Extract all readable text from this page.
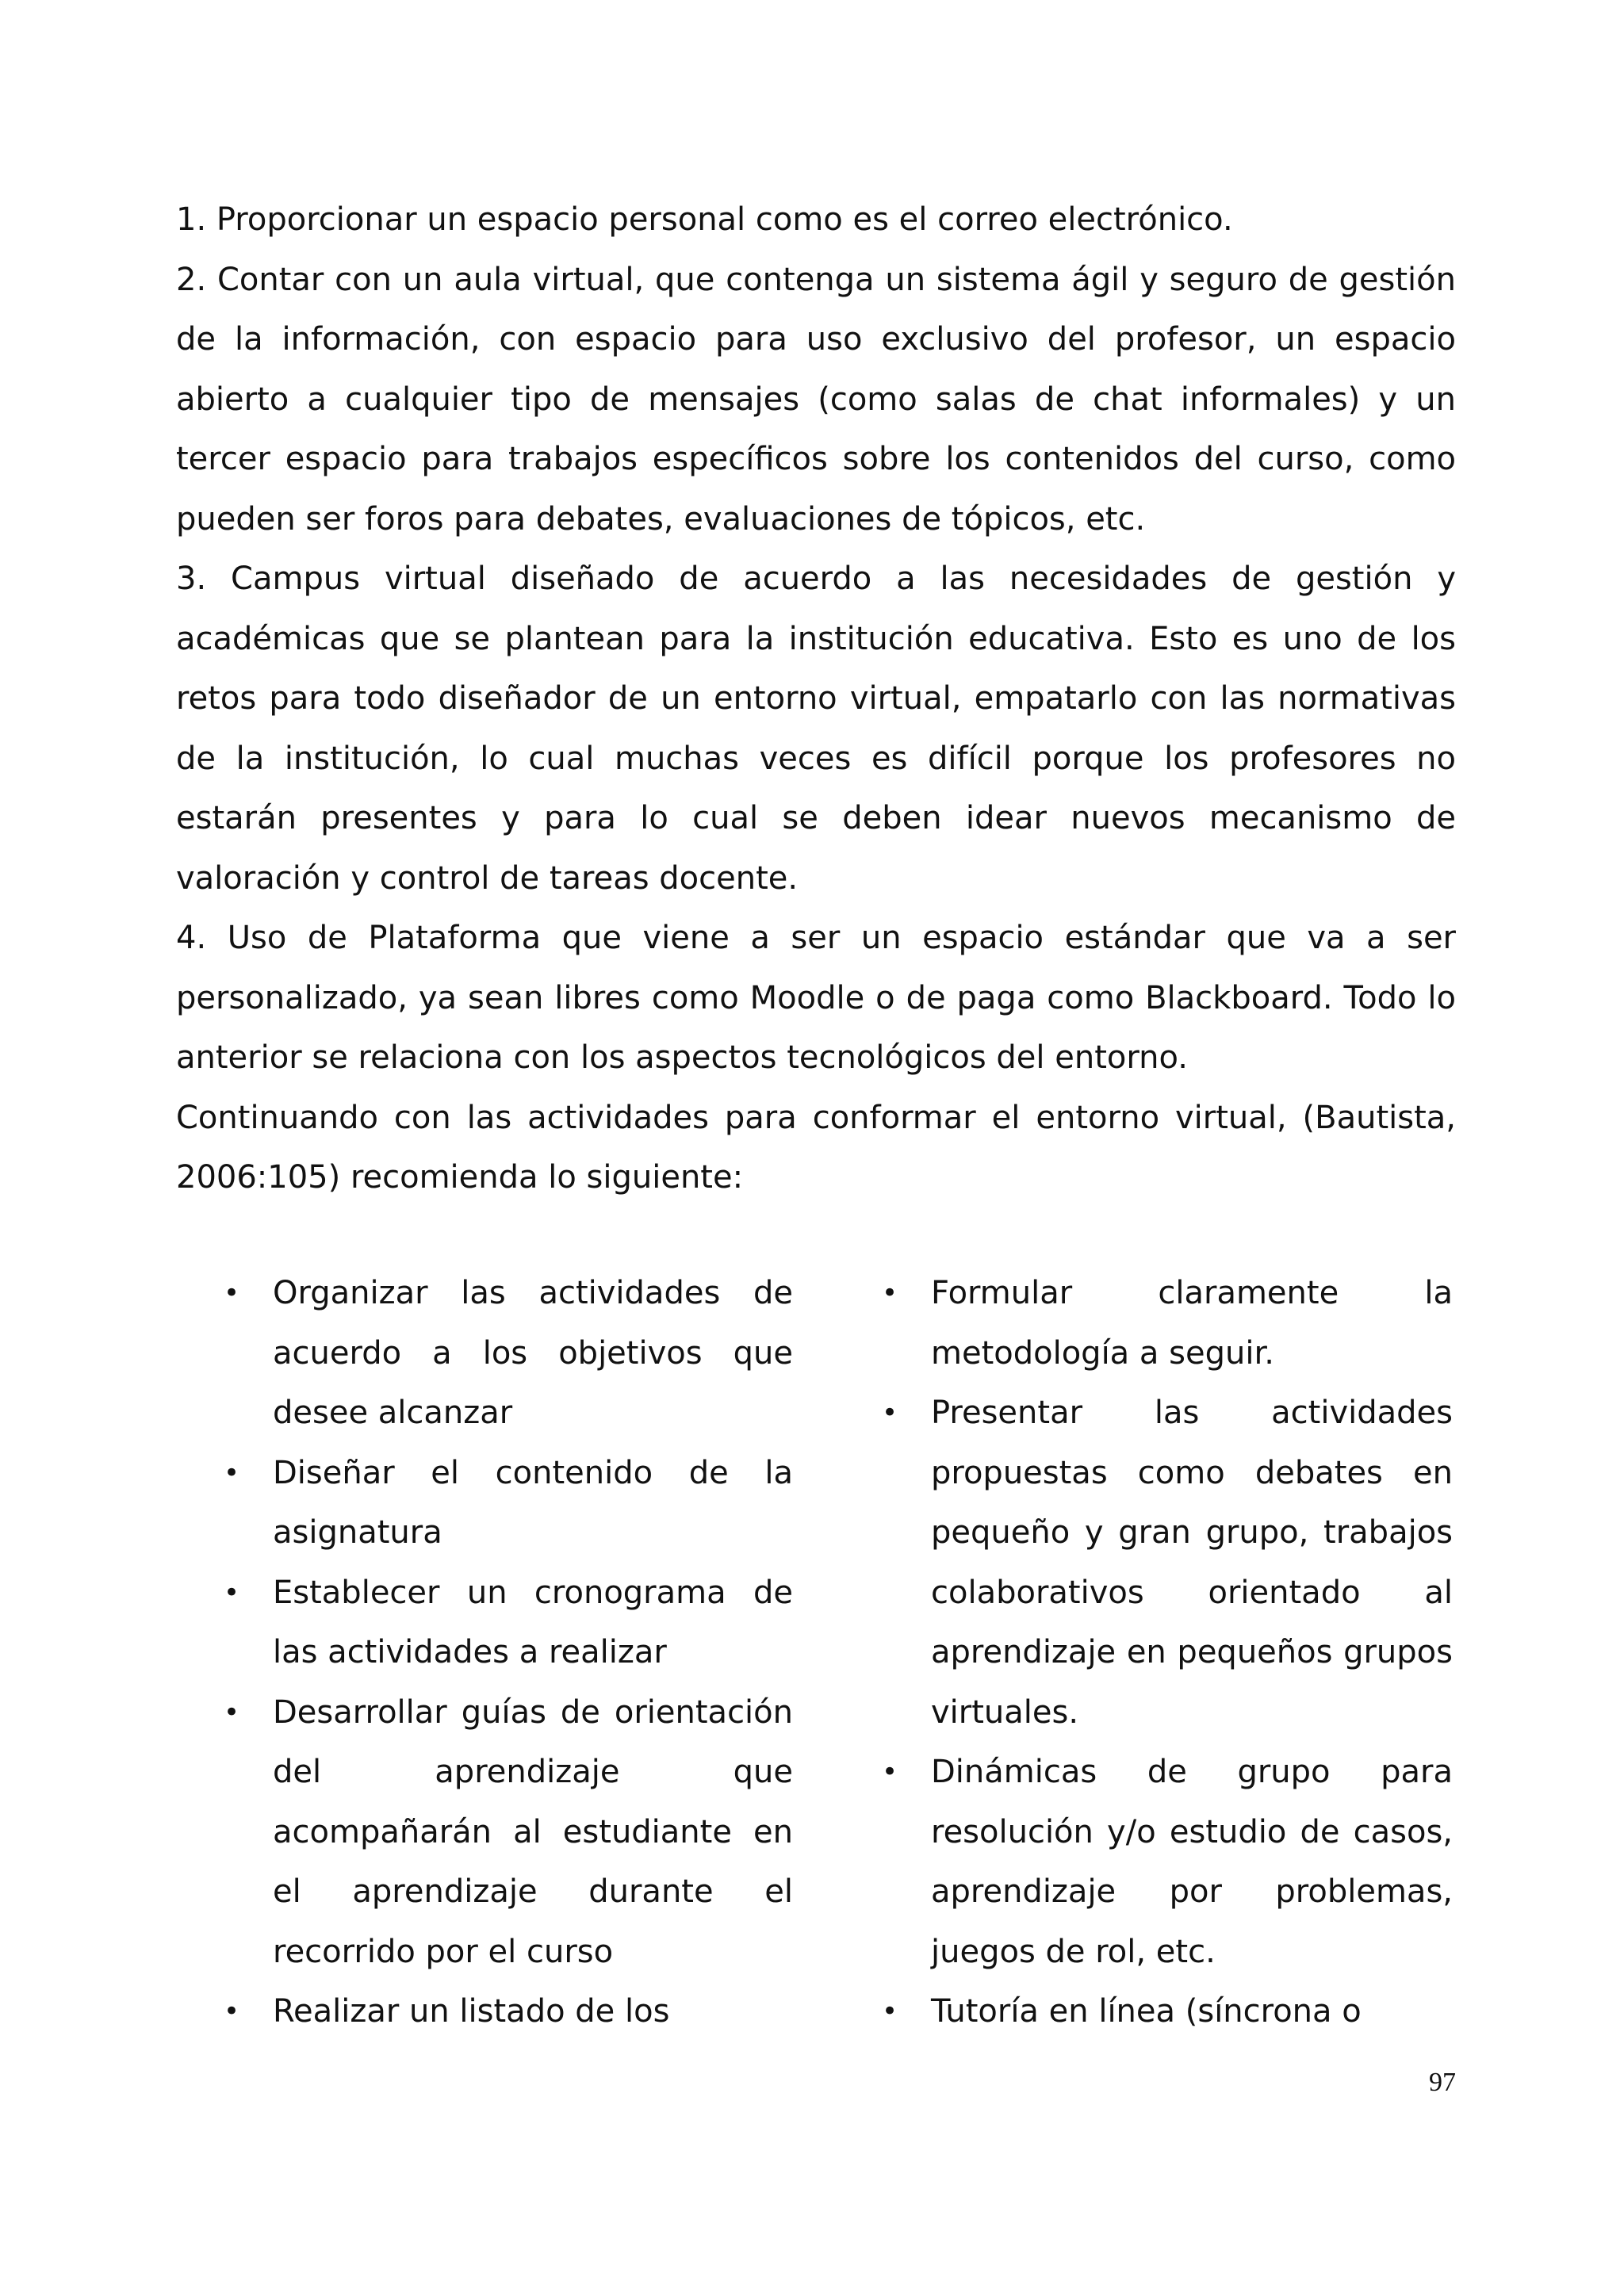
1. Proporcionar un espacio personal como es el correo electrónico.

2. Contar con un aula virtual, que contenga un sistema ágil y seguro de gestión de la información, con espacio para uso exclusivo del profesor, un espacio abierto a cualquier tipo de mensajes (como salas de chat informales) y un tercer espacio para trabajos específicos sobre los contenidos del curso, como pueden ser foros para debates, evaluaciones de tópicos, etc.

3. Campus virtual diseñado de acuerdo a las necesidades de gestión y académicas que se plantean para la institución educativa. Esto es uno de los retos para todo diseñador de un entorno virtual, empatarlo con las normativas de la institución, lo cual muchas veces es difícil porque los profesores no estarán presentes y para lo cual se deben idear nuevos mecanismo de valoración y control de tareas docente.

4. Uso de Plataforma que viene a ser un espacio estándar que va a ser personalizado, ya sean libres como Moodle o de paga como Blackboard. Todo lo anterior se relaciona con los aspectos tecnológicos del entorno.

Continuando con las actividades para conformar el entorno virtual, (Bautista, 2006:105) recomienda lo siguiente:

• Organizar las actividades de acuerdo a los objetivos que desee alcanzar
• Diseñar el contenido de la asignatura
• Establecer un cronograma de las actividades a realizar
• Desarrollar guías de orientación del aprendizaje que acompañarán al estudiante en el aprendizaje durante el recorrido por el curso
• Realizar un listado de los
• Formular claramente la metodología a seguir.
• Presentar las actividades propuestas como debates en pequeño y gran grupo, trabajos colaborativos orientado al aprendizaje en pequeños grupos virtuales.
• Dinámicas de grupo para resolución y/o estudio de casos, aprendizaje por problemas, juegos de rol, etc.
• Tutoría en línea (síncrona o
97
